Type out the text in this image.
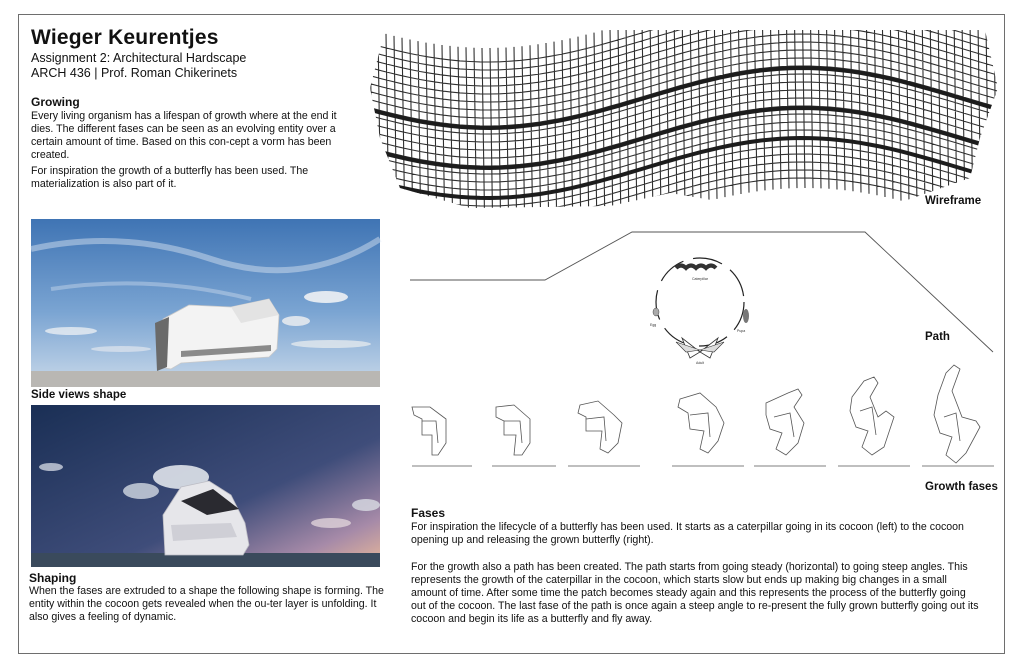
Wieger Keurentjes
Assignment 2: Architectural Hardscape
ARCH 436 | Prof. Roman Chikerinets
Growing

Every living organism has a lifespan of growth where at the end it dies. The different fases can be seen as an evolving entity over a certain amount of time. Based on this con-cept a vorm has been created.

For inspiration the growth of a butterfly has been used. The materialization is also part of it.

Side views shape
Shaping

When the fases are extruded to a shape the following shape is forming. The entity within the cocoon gets revealed when the ou-ter layer is unfolding. It also gives a feeling of dynamic.

Wireframe
Caterpillar
Pupa
Adult
Egg
Path
Growth fases
Fases

For inspiration the lifecycle of a butterfly has been used. It starts as a caterpillar going in its cocoon (left) to the cocoon opening up and releasing the grown butterfly (right).

For the growth also a path has been created. The path starts from going steady (horizontal) to going steep angles. This represents the growth of the caterpillar in the cocoon, which starts slow but ends up making big changes in a small amount of time. After some time the patch becomes steady again and this represents the process of the butterfly going out of the cocoon. The last fase of the path is once again a steep angle to re-present the fully grown butterfly going out its cocoon and begin its life as a butterfly and fly away.
